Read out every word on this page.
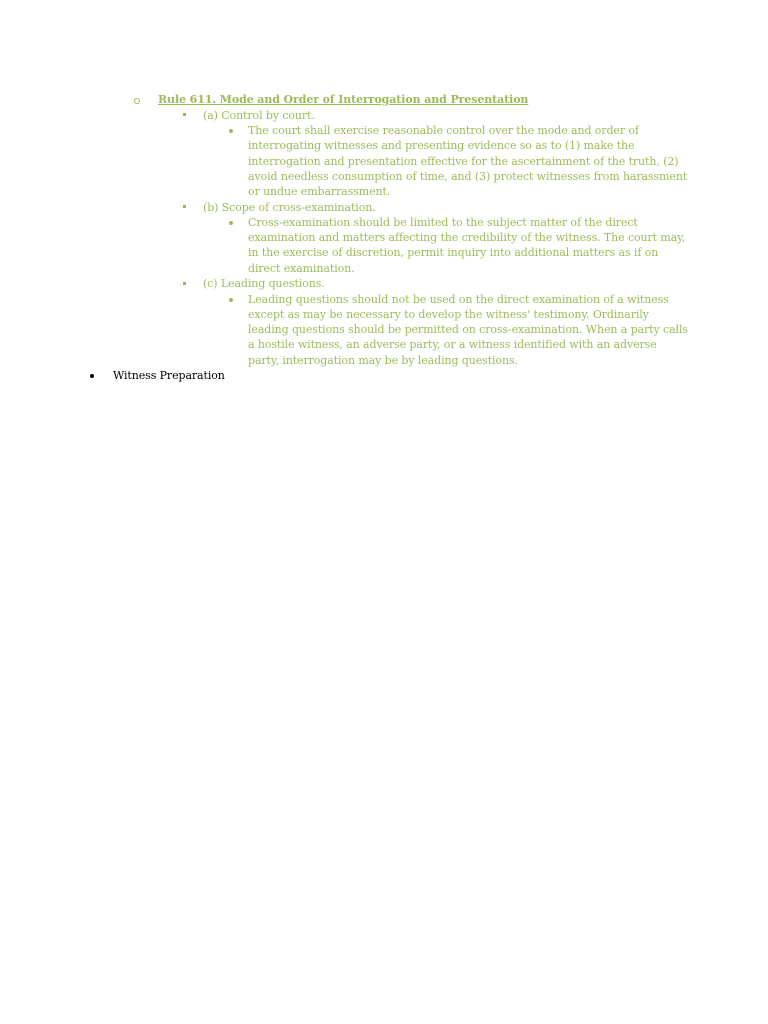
Rule 611. Mode and Order of Interrogation and Presentation
(a) Control by court.
The court shall exercise reasonable control over the mode and order of
interrogating witnesses and presenting evidence so as to (1) make the
interrogation and presentation effective for the ascertainment of the truth, (2)
avoid needless consumption of time, and (3) protect witnesses from harassment
or undue embarrassment.
(b) Scope of cross-examination.
Cross-examination should be limited to the subject matter of the direct
examination and matters affecting the credibility of the witness. The court may,
in the exercise of discretion, permit inquiry into additional matters as if on
direct examination.
(c) Leading questions.
Leading questions should not be used on the direct examination of a witness
except as may be necessary to develop the witness' testimony. Ordinarily
leading questions should be permitted on cross-examination. When a party calls
a hostile witness, an adverse party, or a witness identified with an adverse
party, interrogation may be by leading questions.
Witness Preparation
